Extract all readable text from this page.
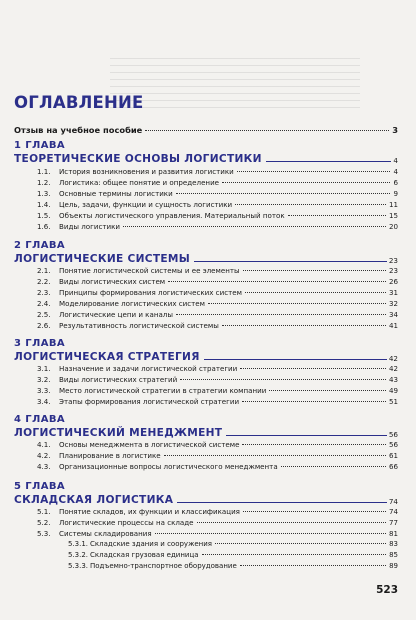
ОГЛАВЛЕНИЕ
Отзыв на учебное пособие	3
1 ГЛАВА
ТЕОРЕТИЧЕСКИЕ ОСНОВЫ ЛОГИСТИКИ	4
1.1. История возникновения и развития логистики	4
1.2. Логистика: общее понятие и определение	6
1.3. Основные термины логистики	9
1.4. Цель, задачи, функции и сущность логистики	11
1.5. Объекты логистического управления. Материальный поток	15
1.6. Виды логистики	20
2 ГЛАВА
ЛОГИСТИЧЕСКИЕ СИСТЕМЫ	23
2.1. Понятие логистической системы и ее элементы	23
2.2. Виды логистических систем	26
2.3. Принципы формирования логистических систем	31
2.4. Моделирование логистических систем	32
2.5. Логистические цепи и каналы	34
2.6. Результативность логистической системы	41
3 ГЛАВА
ЛОГИСТИЧЕСКАЯ СТРАТЕГИЯ	42
3.1. Назначение и задачи логистической стратегии	42
3.2. Виды логистических стратегий	43
3.3. Место логистической стратегии в стратегии компании	49
3.4. Этапы формирования логистической стратегии	51
4 ГЛАВА
ЛОГИСТИЧЕСКИЙ МЕНЕДЖМЕНТ	56
4.1. Основы менеджмента в логистической системе	56
4.2. Планирование в логистике	61
4.3. Организационные вопросы логистического менеджмента	66
5 ГЛАВА
СКЛАДСКАЯ ЛОГИСТИКА	74
5.1. Понятие складов, их функции и классификация	74
5.2. Логистические процессы на складе	77
5.3. Системы складирования	81
5.3.1. Складские здания и сооружения	83
5.3.2. Складская грузовая единица	85
5.3.3. Подъемно-транспортное оборудование	89
523
